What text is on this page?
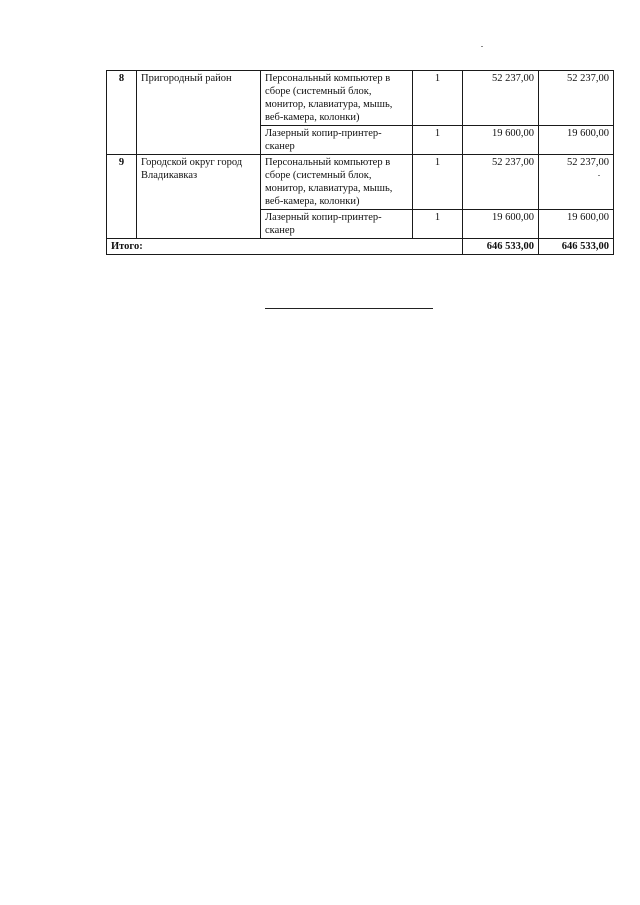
8	Пригородный район	Персональный компьютер в сборе (системный блок, монитор, клавиатура, мышь, веб-камера, колонки)	1	52 237,00	52 237,00
		Лазерный копир-принтер-сканер	1	19 600,00	19 600,00
9	Городской округ город Владикавказ	Персональный компьютер в сборе (системный блок, монитор, клавиатура, мышь, веб-камера, колонки)	1	52 237,00	52 237,00
		Лазерный копир-принтер-сканер	1	19 600,00	19 600,00
Итого:				646 533,00	646 533,00
